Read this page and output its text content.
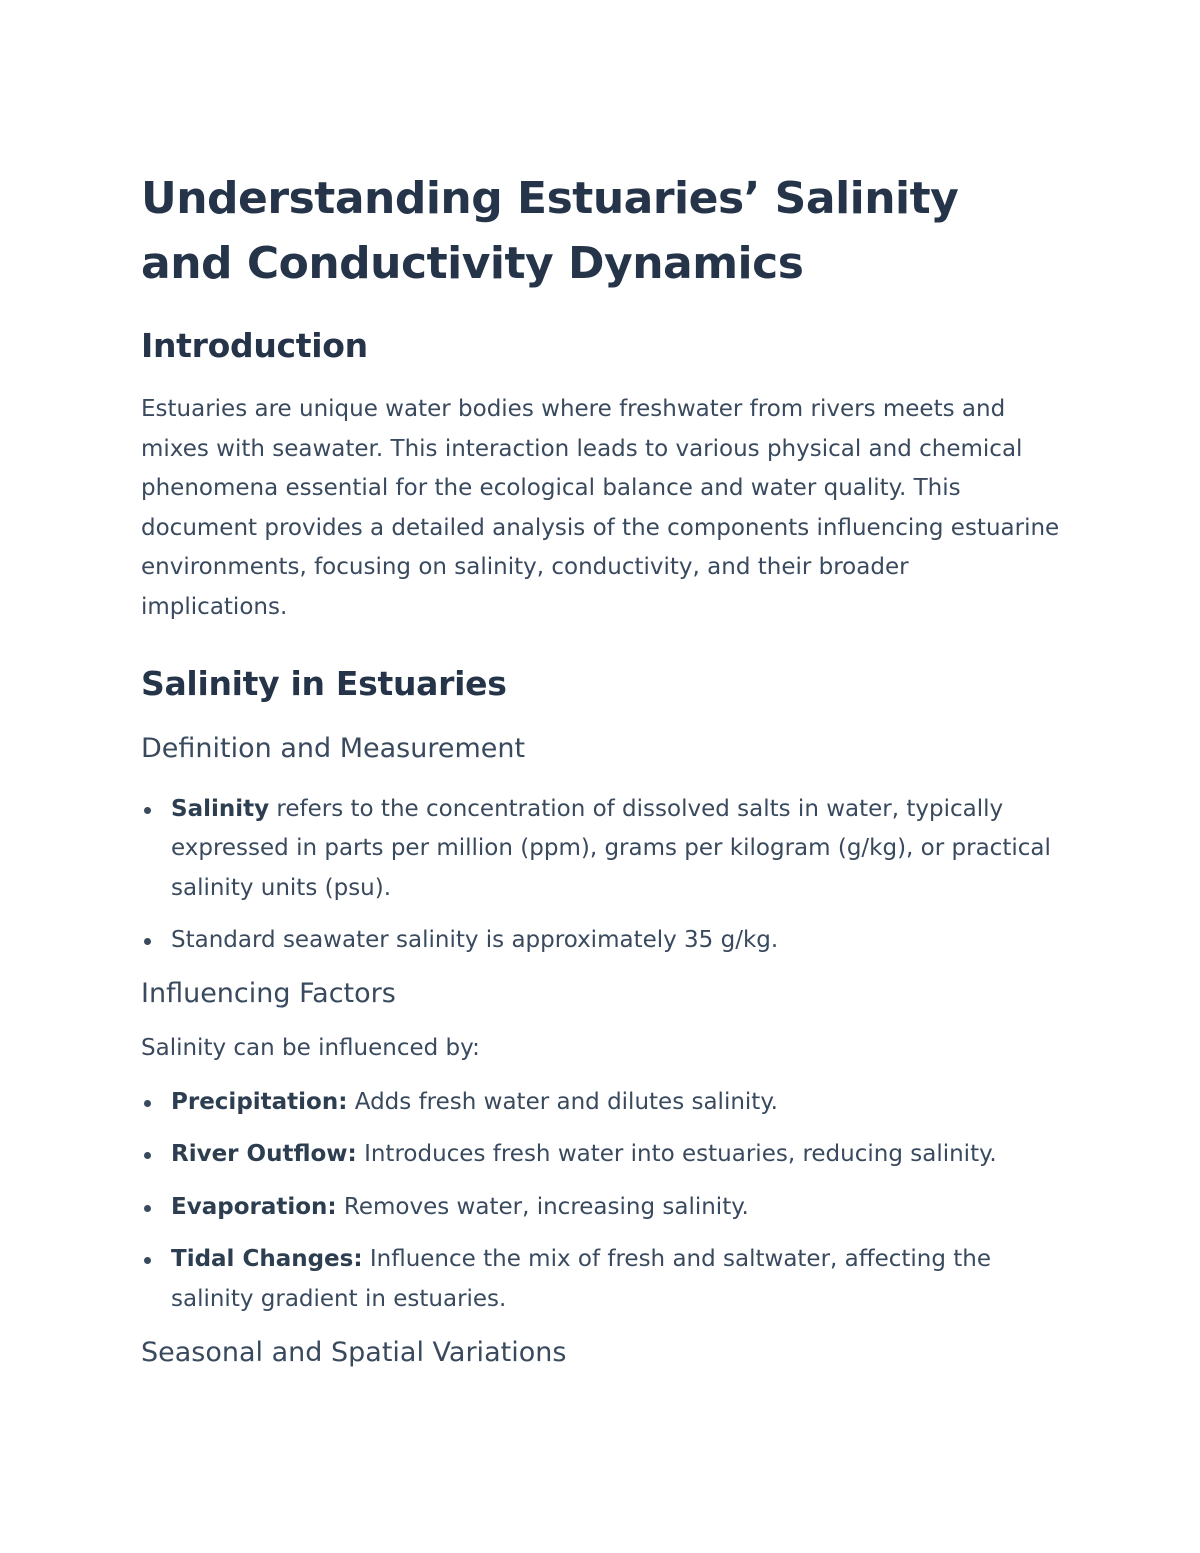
Understanding Estuaries’ Salinity and Conductivity Dynamics
Introduction

Estuaries are unique water bodies where freshwater from rivers meets and mixes with seawater. This interaction leads to various physical and chemical phenomena essential for the ecological balance and water quality. This document provides a detailed analysis of the components influencing estuarine environments, focusing on salinity, conductivity, and their broader implications.

Salinity in Estuaries
Definition and Measurement
Salinity refers to the concentration of dissolved salts in water, typically expressed in parts per million (ppm), grams per kilogram (g/kg), or practical salinity units (psu).
Standard seawater salinity is approximately 35 g/kg.
Influencing Factors

Salinity can be influenced by:

Precipitation: Adds fresh water and dilutes salinity.
River Outflow: Introduces fresh water into estuaries, reducing salinity.
Evaporation: Removes water, increasing salinity.
Tidal Changes: Influence the mix of fresh and saltwater, affecting the salinity gradient in estuaries.
Seasonal and Spatial Variations
